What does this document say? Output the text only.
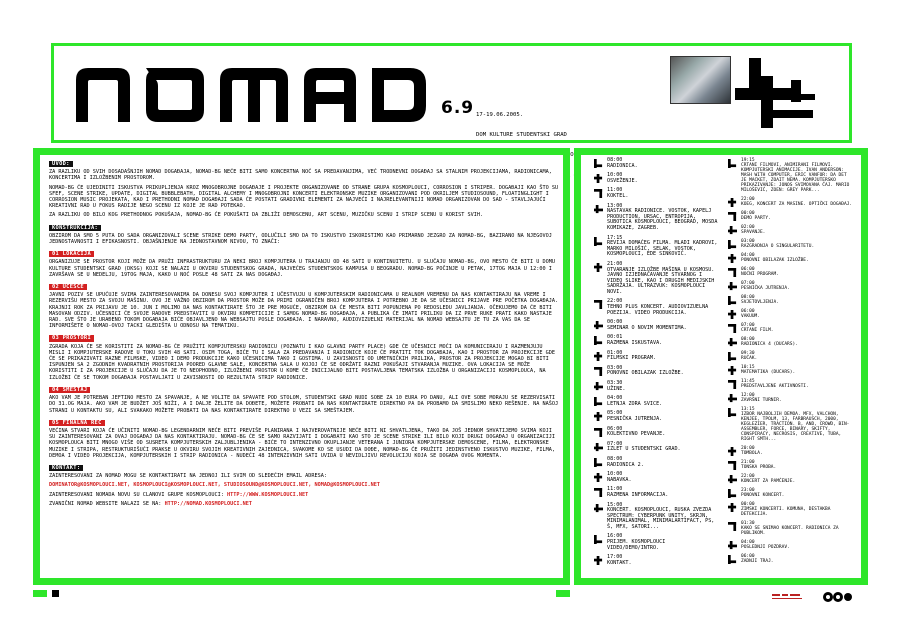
6.9

17-19.06.2005.

DOM KULTURE STUDENTSKI GRAD

UVOD:
ZA RAZLIKU OD SVIH DOSADAŠNJIH NOMAD DOGAĐAJA, NOMAD-BG NEĆE BITI SAMO KONCERTNA NOĆ SA PREDAVANJIMA, VEĆ TRODNEVNI DOGAĐAJ SA STALNIM PROJEKCIJAMA, RADIONICAMA, KONCERTIMA I IZLOŽBENIM PROSTOROM.
NOMAD-BG ĆE UJEDINITI ISKUSTVA PRIKUPLJENJA KROZ MNOGOBROJNE DOGAĐAJE I PROJEKTE ORGANIZOVANE OD STRANE GRUPA KOSMOPLOUCI, CORROSION I STRIPER. DOGAĐAJI KAO ŠTO SU SFEF, SCENE STRIKE, UPDATE, DIGITAL BUBBLEBATH, DIGITAL ALCHEMY I MNOGOBROJNI KONCERTI ELEKTRONSKE MUZIKE ORGANIZOVANI POD OKRILJEM STUDIOSOUND, FLOATINGLIGHT I CORROSION MUSIC PROJEKATA, KAO I PRETHODNI NOMAD DOGAĐAJI SADA ĆE POSTATI GRADIVNI ELEMENTI ZA NAJVEĆI I NAJRELEVANTNIJI NOMAD ORGANIZOVAN DO SAD - STAVLJAJUĆI KREATIVNI RAD U FOKUS RADIJE NEGO SCENU IZ KOJE JE RAD POTEKAO.
ZA RAZLIKU OD BILO KOG PRETHODNOG POKUŠAJA, NOMAD-BG ĆE POKUŠATI DA ZBLIŽI DEMOSCENU, ART SCENU, MUZIČKU SCENU I STRIP SCENU U KORIST SVIH.
KONSTRUKCIJA:
OBZIROM DA SMO 5 PUTA DO SADA ORGANIZOVALI SCENE STRIKE DEMO PARTY, ODLUČILI SMO DA TO ISKUSTVO ISKORISTIMO KAO PRIMARNO JEZGRO ZA NOMAD-BG, BAZIRANO NA NJEGOVOJ JEDNOSTAVNOSTI I EFIKASNOSTI. OBJAŠNJENJE NA JEDNOSTAVNOM NIVOU, TO ZNAČI:
01 LOKACIJA
ORGANIZUJE SE PROSTOR KOJI MOŽE DA PRUŽI INFRASTRUKTURU ZA NEKI BROJ KOMPJUTERA U TRAJANJU OD 48 SATI U KONTINUITETU. U SLUČAJU NOMAD-BG, OVO MESTO ĆE BITI U DOMU KULTURE STUDENTSKI GRAD (DKSG) KOJI SE NALAZI U OKVIRU STUDENTSKOG GRADA, NAJVEĆEG STUDENTSKOG KAMPUSA U BEOGRADU. NOMAD-BG POČINJE U PETAK, 17TOG MAJA U 12:00 I ZAVRŠAVA SE U NEDELJU, 19TOG MAJA, KAKO U NOĆ POSLE 48 SATI ZA NAS DOGAĐAJ.
02 UČEŠĆE
JAVNI POZIV SE UPUĆUJE SVIMA ZAINTERESOVANIMA DA DONESU SVOJ KOMPJUTER I UČESTVUJU U KOMPJUTERSKIM RADIONICAMA U REALNOM VREMENU DA NAS KONTAKTIRAJU NA VREME I REZERVIŠU MESTO ZA SVOJU MAŠINU. OVO JE VAŽNO OBZIROM DA PROSTOR MOŽE DA PRIMI OGRANIČEN BROJ KOMPJUTERA I POTREBNO JE DA SE UČESNICI PRIJAVE PRE POČETKA DOGAĐAJA. KRAJNJI ROK ZA PRIJAVU JE 10. JUN I MOLIMO DA NAS KONTAKTIRATE ŠTO JE PRE MOGUĆE, OBZIROM DA ĆE MESTA BITI POPUNJENA PO REDOSLEDU JAVLJANJA. OČEKUJEMO DA ĆE BITI MASOVAN ODZIV. UČESNICI ĆE SVOJE RADOVE PREDSTAVITI U OKVIRU KOMPETICIJE I SAMOG NOMAD-BG DOGAĐAJA, A PUBLIKA ĆE IMATI PRILIKU DA IZ PRVE RUKE PRATI KAKO NASTAJE RAD. SVE ŠTO JE URAĐENO TOKOM DOGAĐAJA BIĆE OBJAVLJENO NA WEBSAJTU POSLE DOGAĐAJA. I NARAVNO, AUDIOVIZUELNI MATERIJAL NA NOMAD WEBSAJTU JE TU ZA VAS DA SE INFORMIŠETE O NOMAD-OVOJ TACKI GLEDIŠTA U ODNOSU NA TEMATIKU.
03 PROSTORI
ZGRADA KOJA ĆE SE KORISTITI ZA NOMAD-BG ĆE PRUŽITI KOMPJUTERSKU RADIONICU (POZNATU I KAO GLAVNI PARTY PLACE) GDE ĆE UČESNICI MOĆI DA KOMUNICIRAJU I RAZMENJUJU MISLI I KOMPJUTERSKE RADOVE U TOKU SVIH 48 SATI. OSIM TOGA, BIĆE TU I SALA ZA PREDAVANJA I RADIONICE KOJE ĆE PRATITI TOK DOGAĐAJA, KAO I PROSTOR ZA PROJEKCIJE GDE ĆE SE PRIKAZIVATI RAZNE FILMSKE, VIDEO I DEMO PRODUKCIJE KAKO UČESNICIMA TAKO I GOSTIMA. U ZAVISNOSTI OD UMETNIČKIH PRILIKA, PROSTOR ZA PROJEKCIJE MOGAO BI BITI ISPUNJEN SA 2 ZGODNIH KVADRATNIH PROSTORIJA POORED GLAVNE SALE, KONCERTNA SALA U KOJOJ ĆE SE ODRŽATI RAZNI POKUŠAJI STVARANJA MUZIKE. OVA LOKACIJA SE MOŽE KORISTITI I ZA PROJEKCIJE U SLUČAJU DA JE TO NEOPHODNO, IZLOŽBENI PROSTOR U KOME ĆE INICIJALNO BITI POSTAVLJENA TEMATSKA IZLOŽBA U ORGANIZACIJI KOSMOPLOUCA, NA IZLOŽBI ĆE SE TOKOM DOGAĐAJA POSTAVLJATI U ZAVISNOSTI OD REZULTATA STRIP RADIONICE.
04 SMEŠTAJ
AKO VAM JE POTREBAN JEFTINO MESTO ZA SPAVANJE, A NE VOLITE DA SPAVATE POD STOLOM, STUDENTSKI GRAD NUDI SOBE ZA 10 EURA PO DANU, ALI OVE SOBE MORAJU SE REZERVISATI DO 31.OG MAJA. AKO VAM JE BUDŽET JOŠ NIŽI, A I DALJE ŽELITE DA DOĐETE, MOŽETE PROBATI DA NAS KONTAKTIRATE DIREKTNO PA DA PROBAMO DA SMISLIMO NEKO REŠENJE. NA NAŠOJ STRANI U KONTAKTU SU, ALI SVAKAKO MOŽETE PROBATI DA NAS KONTAKTIRATE DIREKTNO U VEZI SA SMEŠTAJEM.
05 FINALNA REČ
VEĆINA STVARI KOJA ĆE UČINITI NOMAD-BG LEGENDARNIM NEĆE BITI PREVIŠE PLANIRANA I NAJVEROVATNIJE NEĆE BITI NI SHVATLJENA, TAKO DA JOŠ JEDNOM SHVATIJEMO SVIMA KOJI SU ZAINTERESOVANI ZA OVAJ DOGAĐAJ DA NAS KONTAKTIRAJU. NOMAD-BG ĆE SE SAMO RAZVIJATI I DOGAĐATI KAO STO JE SCENE STRIKE ILI BILO KOJI DRUGI DOGAĐAJ U ORGANIZACIJI KOSMOPLOUCA BITI MNOGO VIŠE OD SUSRETA KOMPJUTERSKIH ZALJUBLJENIKA - BIĆE TO INTENZIVNO OKUPLJANJE VETERANA I JUNIORA KOMPJUTERSKE DEMOSCENE, FILMA, ELEKTRONSKE MUZIKE I STRIPA, RESTRUKTURIŠUĆI PRAKSE U OKVIRU SVOJIH KREATIVNIH ZAJEDNICA, SVAKOME KO SE USUDI DA DOĐE, NOMAD-BG ĆE PRUŽITI JEDINSTVENO ISKUSTVO MUZIKE, FILMA, DEMOA I VIDEO PROJEKCIJA, KOMPJUTERSKIH I STRIP RADIONICA - NUDEĆI 48 INTENZIVNIH SATI UVIDA U NEVIDLJIVU REVOLUCIJU KOJA SE DOGAĐA OVOG MOMENTA.
KONTAKT:
ZAINTERESOVANI ZA NOMAD MOGU SE KONTAKTIRATI NA JEDNOJ ILI SVIM OD SLEDEĆIH EMAIL ADRESA:
DOMINATOR@KOSMOPLOUCI.NET, KOSMOPLOUCI@KOSMOPLOUCI.NET, STUDIOSOUND@KOSMOPLOUCI.NET, NOMAD@KOSMOPLOUCI.NET
ZAINTERESOVANI NOMADA NOVU SU CLANOVI GRUPE KOSMOPLOUCI: HTTP://WWW.KOSMOPLOUCI.NET
ZVANIČNI NOMAD WEBSITE NALAZI SE NA: HTTP://NOMAD.KOSMOPLOUCI.NET
08:00
RADIONICA.
10:00
OSVEŽENJE.
11:00
KOKTEL.
13:00
NASTAVAK RADIONICE. VOSTOK, KAPELJ PRODUCTION, URSAC, ENTROPIJA, SUBOTICA KOSMOPLOUCI, BEOGRAD, MOSDA KOMIKAZE, ZAGREB.
17:15
REVIJA DOMAĆEG FILMA. MLADI KADROVI, MARKO MILOŠIĆ, SELAK, VOSTOK, KOSMOPLOUCI, EDE SINKOVIĆ.
21:00
OTVARANJE IZLOŽBE MAŠINA U KOSMOSU. JAVNO IZJEDNAČAVANJE STVARNOG I VIDEO SLIKE, KAO I DRUGIH MEDIJSKIH SADRŽAJA. ULTRAZVUK: KOSMOPLOUCI NOVI.
22:00
TEHNO PLUS KONCERT. AUDIOVIZUELNA POEZIJA. VIDEO PRODUKCIJA.
00:00
SEMINAR O NOVIM MOMENTIMA.
00:01
RAZMENA ISKUSTAVA.
01:00
FILMSKI PROGRAM.
03:00
PONOVNI OBILAZAK IZLOŽBE.
03:30
UŽINE.
04:00
LETNJA ZORA SVICE.
05:00
PESNIČKA JUTRENJA.
06:00
KOLEKTIVNO PEVANJE.
07:00
IZLET U STUDENTSKI GRAD.
08:00
RADIONICA 2.
10:00
NABAVKA.
11:00
RAZMENA INFORMACIJA.
15:00
KONCERT. KOSMOPLOUCI, RUSKA ZVEZDA SPECTRUM: CYBERPUNK UNITY, SKRJN, MINIMALANIMAL, MINIMALARTIFACT, PS, Š, MFX, SATORI...
16:00
PRIJEM. KOSMOPLOUCI VIDEO/DEMO/INTRO.
17:00
KONTAKT.
19:15
CRTANI FILMOVI, ANIMIRANI FILMOVI. KOMPJUTERSKI ANIMACIJE. IVAN ANDERSON: MASH WITH COMPUTER, ERIC VANFOR: DA DET JE MACKET, ZOAIT NEMA. KOMPJUTERSKO PRIKAZIVANJE: JONOS SVIMOVANA ČAJ. MARIO MILOŠEVIĆ, ZOEN: GREY PARK...
22:00
KOEG, KONCERT ZA MASINE. OPTIČKI DOGAĐAJ.
00:00
DEMO PARTY.
02:00
SPAVANJE.
03:00
RAZGRADNJA O SINGULARITETU.
04:00
PONOVNI OBILAZAK IZLOŽBE.
06:00
NOĆNI PROGRAM.
07:00
PESNIČKA JUTRENJA.
08:00
SVJETOVLJENJA.
06:00
VAKUUM.
07:00
CRTANI FILM.
08:00
RADIONICA 4 (DUCARS).
09:30
RUČAK.
10:15
MATEMATIKA (DUCARS).
11:45
PREDSTAVLJENE AKTIVNOSTI.
12:00
ZAVRŠNI TURNIR.
13:15
IZBOR NAJBOLJIH DEMOA. MFX, VALCHON, KENJEE, TPOLM, 13, FARBRAUSCH, 2000, KEGLEZIER, TRACTION. B, AND, CROWD, BIN-ASSEMBLER, FORCE, BINARY, SKIFTY, CONSPIRACY, NECROSIS, CREATIVE, TUBA, RIGHT SMTH...
20:00
TOMBOLA.
21:00
TONSKA PROBA.
22:00
KONCERT ZA PAMĆENJE.
23:00
PONOVNI KONCERT.
00:00
ZIMSKI KONCERTI. KOMUNA, DESTAKBA DETEKCIJA.
01:30
KAKO SE SNIMAO KONCERT. RADIONICA ZA PUBLIKOM.
04:00
POSLEDNJI POZDRAV.
06:00
ZADNJI TRAJ.
